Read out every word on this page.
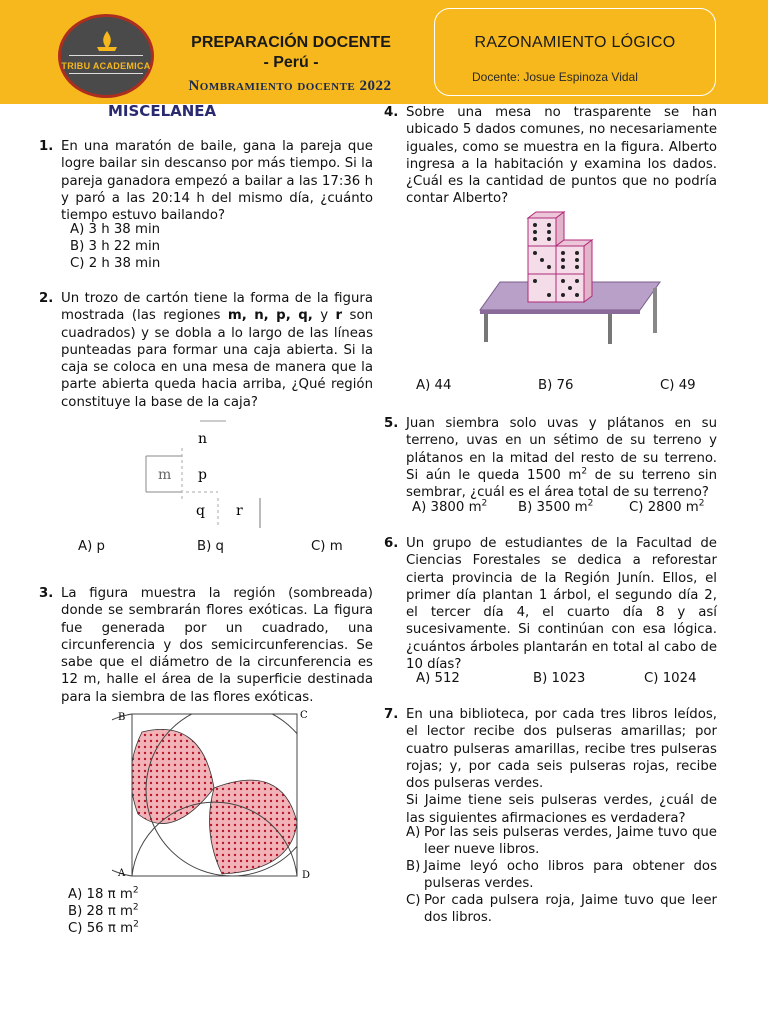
TRIBU ACADEMICA
PREPARACIÓN DOCENTE
- Perú -
Nombramiento docente 2022
RAZONAMIENTO LÓGICO
Docente: Josue Espinoza Vidal
MISCELANEA
1. En una maratón de baile, gana la pareja que logre bailar sin descanso por más tiempo. Si la pareja ganadora empezó a bailar a las 17:36 h y paró a las 20:14 h del mismo día, ¿cuánto tiempo estuvo bailando?
A) 3 h 38 min
B) 3 h 22 min
C) 2 h 38 min
2. Un trozo de cartón tiene la forma de la figura mostrada (las regiones m, n, p, q, y r son cuadrados) y se dobla a lo largo de las líneas punteadas para formar una caja abierta. Si la caja se coloca en una mesa de manera que la parte abierta queda hacia arriba, ¿Qué región constituye la base de la caja?
n
m p
q r
A) p	B) q	C) m
3. La figura muestra la región (sombreada) donde se sembrarán flores exóticas. La figura fue generada por un cuadrado, una circunferencia y dos semicircunferencias. Se sabe que el diámetro de la circunferencia es 12 m, halle el área de la superficie destinada para la siembra de las flores exóticas.
B	C
A	D
A) 18 π $m^2$
B) 28 π $m^2$
C) 56 π $m^2$
4. Sobre una mesa no trasparente se han ubicado 5 dados comunes, no necesariamente iguales, como se muestra en la figura. Alberto ingresa a la habitación y examina los dados. ¿Cuál es la cantidad de puntos que no podría contar Alberto?
A) 44	B) 76	C) 49
5. Juan siembra solo uvas y plátanos en su terreno, uvas en un sétimo de su terreno y plátanos en la mitad del resto de su terreno. Si aún le queda 1500 $m^2$ de su terreno sin sembrar, ¿cuál es el área total de su terreno?
A) 3800 $m^2$ B) 3500 $m^2$	C) 2800 $m^2$
6. Un grupo de estudiantes de la Facultad de Ciencias Forestales se dedica a reforestar cierta provincia de la Región Junín. Ellos, el primer día plantan 1 árbol, el segundo día 2, el tercer día 4, el cuarto día 8 y así sucesivamente. Si continúan con esa lógica. ¿cuántos árboles plantarán en total al cabo de 10 días?
A) 512	B) 1023	C) 1024
7. En una biblioteca, por cada tres libros leídos, el lector recibe dos pulseras amarillas; por cuatro pulseras amarillas, recibe tres pulseras rojas; y, por cada seis pulseras rojas, recibe dos pulseras verdes.
Si Jaime tiene seis pulseras verdes, ¿cuál de las siguientes afirmaciones es verdadera?
A) Por las seis pulseras verdes, Jaime tuvo que leer nueve libros.
B) Jaime leyó ocho libros para obtener dos pulseras verdes.
C) Por cada pulsera roja, Jaime tuvo que leer dos libros.
